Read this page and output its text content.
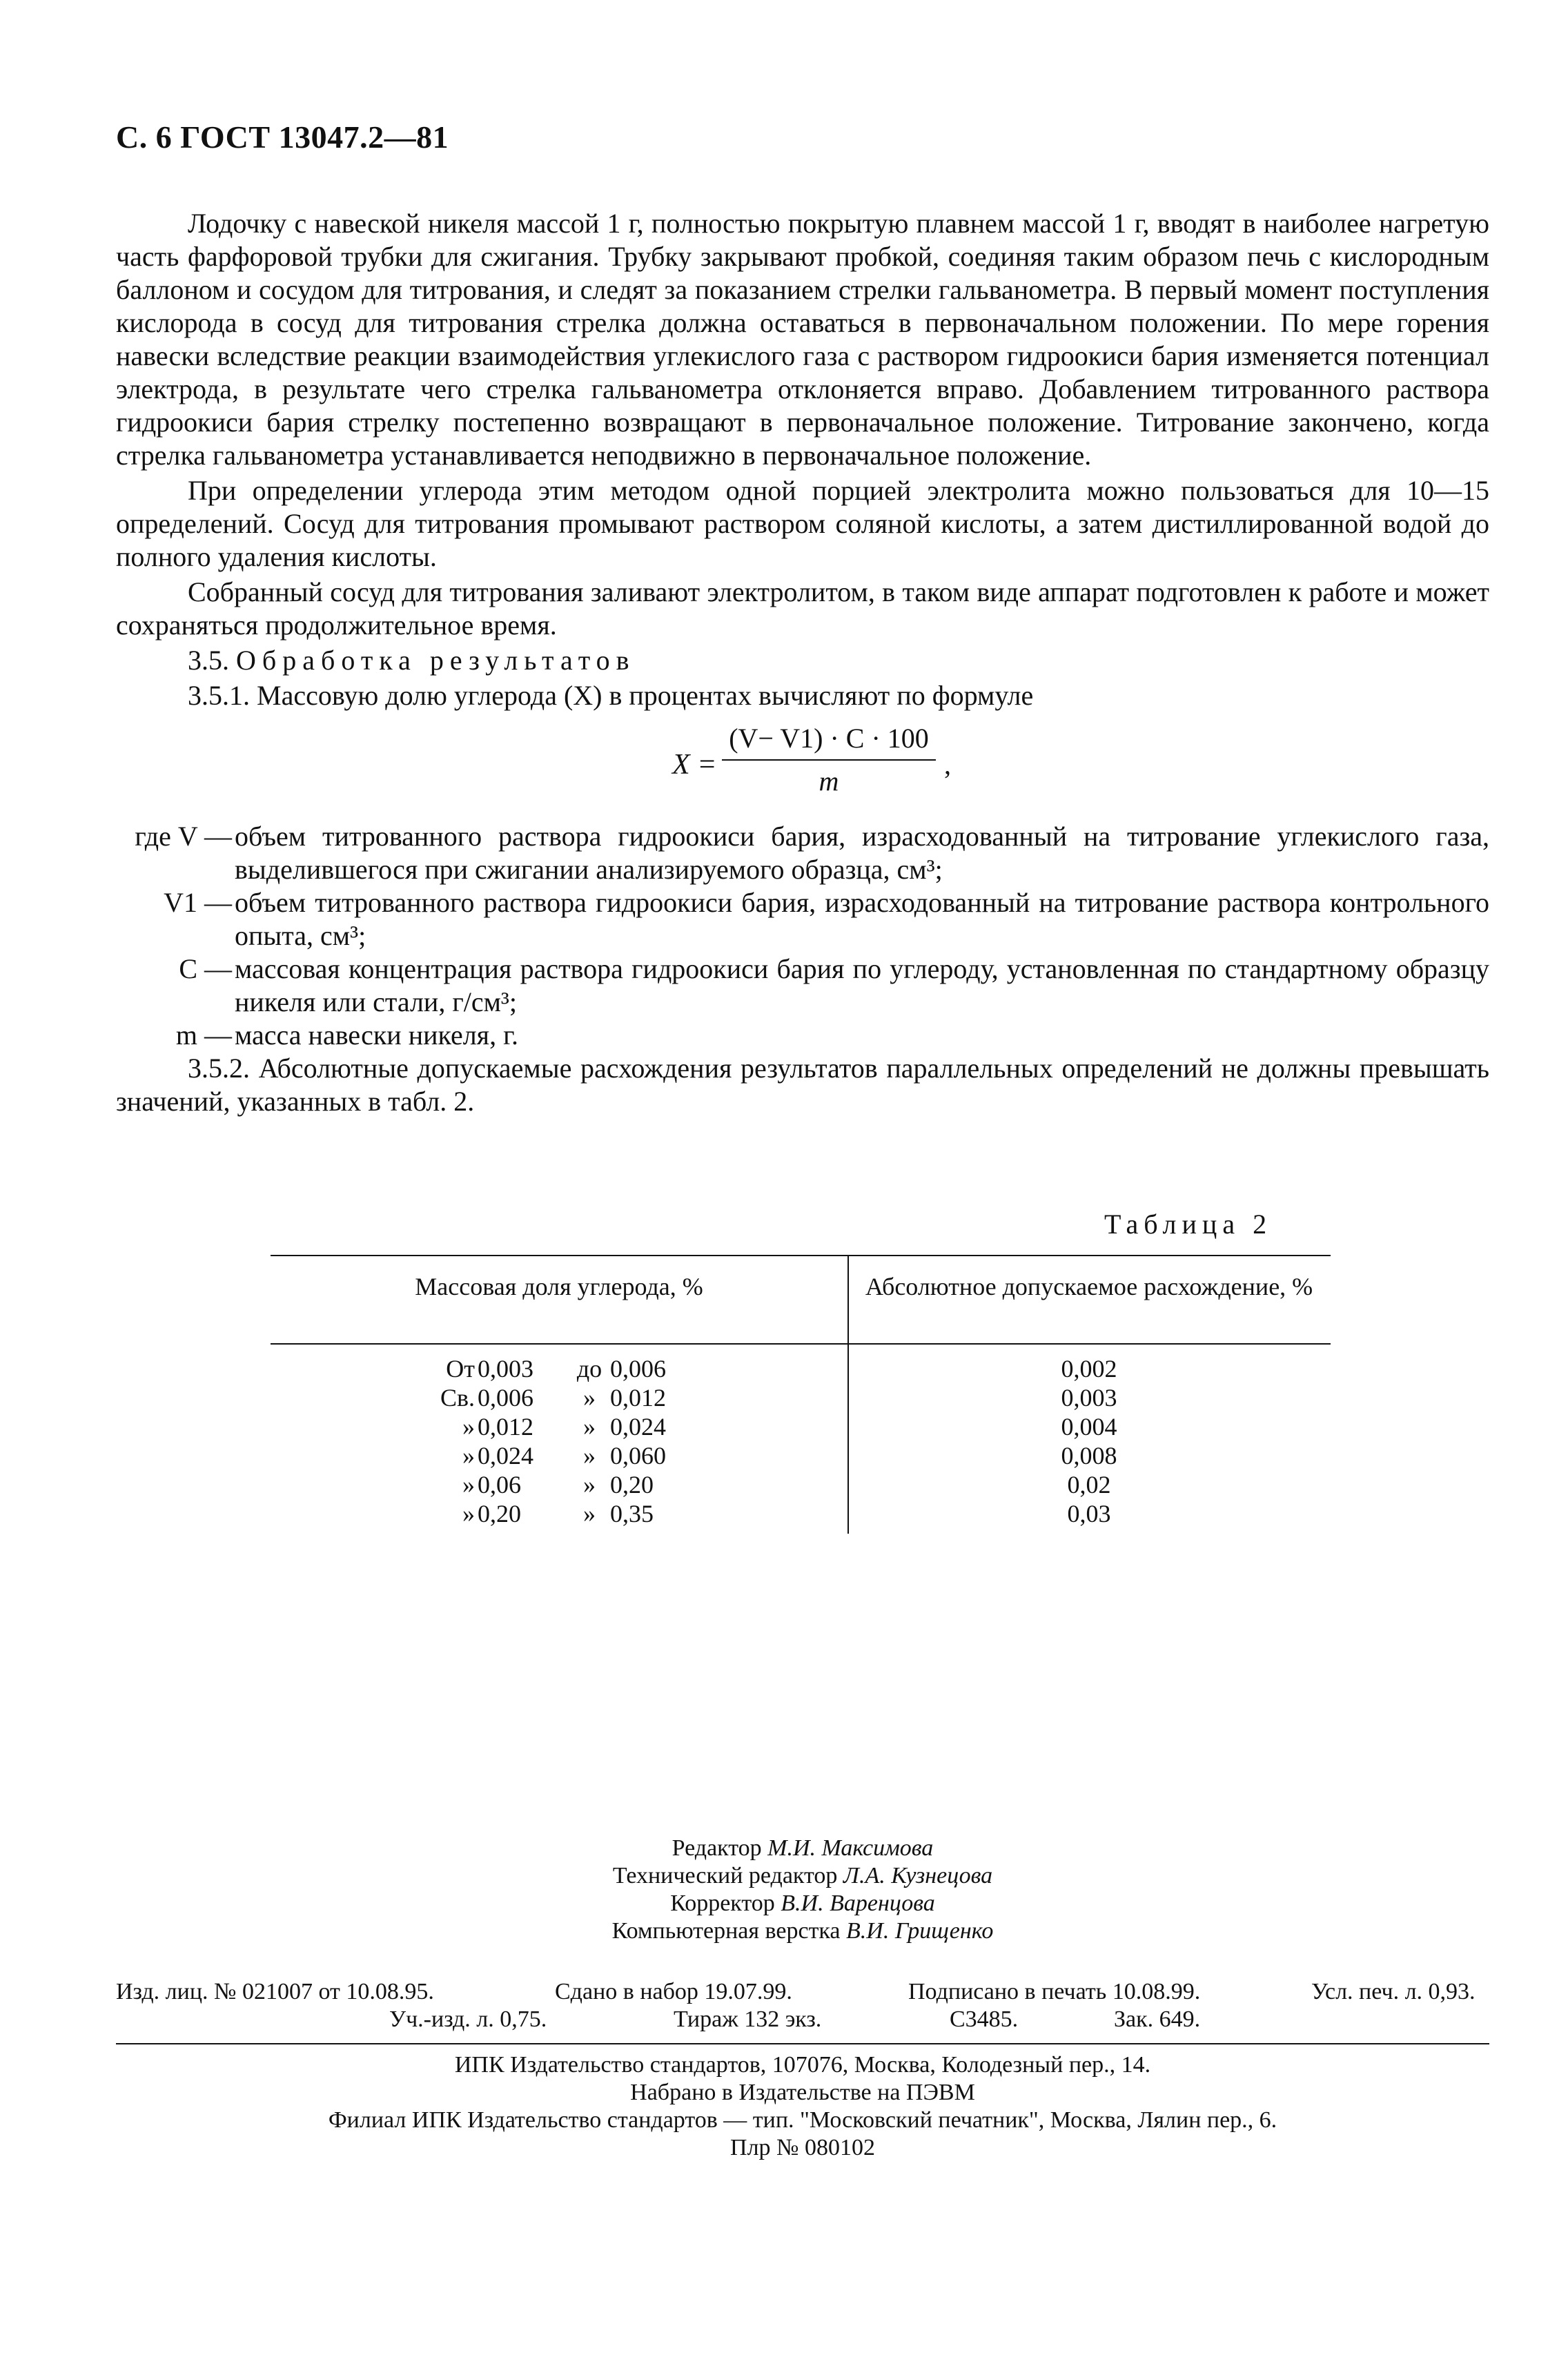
С. 6 ГОСТ 13047.2—81

Лодочку с навеской никеля массой 1 г, полностью покрытую плавнем массой 1 г, вводят в наиболее нагретую часть фарфоровой трубки для сжигания. Трубку закрывают пробкой, соединяя таким образом печь с кислородным баллоном и сосудом для титрования, и следят за показанием стрелки гальванометра. В первый момент поступления кислорода в сосуд для титрования стрелка должна оставаться в первоначальном положении. По мере горения навески вследствие реакции взаимодействия углекислого газа с раствором гидроокиси бария изменяется потенциал электрода, в результате чего стрелка гальванометра отклоняется вправо. Добавлением титрованного раствора гидроокиси бария стрелку постепенно возвращают в первоначальное положение. Титрование закончено, когда стрелка гальванометра устанавливается неподвижно в первоначальное положение.

При определении углерода этим методом одной порцией электролита можно пользоваться для 10—15 определений. Сосуд для титрования промывают раствором соляной кислоты, а затем дистиллированной водой до полного удаления кислоты.

Собранный сосуд для титрования заливают электролитом, в таком виде аппарат подготовлен к работе и может сохраняться продолжительное время.

3.5. Обработка результатов

3.5.1. Массовую долю углерода (X) в процентах вычисляют по формуле

X =
(V− V1) · C · 100
m
,
где V — объем титрованного раствора гидроокиси бария, израсходованный на титрование углекислого газа, выделившегося при сжигании анализируемого образца, см³;
V1 — объем титрованного раствора гидроокиси бария, израсходованный на титрование раствора контрольного опыта, см³;
C — массовая концентрация раствора гидроокиси бария по углероду, установленная по стандартному образцу никеля или стали, г/см³;
m — масса навески никеля, г.

3.5.2. Абсолютные допускаемые расхождения результатов параллельных определений не должны превышать значений, указанных в табл. 2.

Таблица 2
Массовая доля углерода, %	Абсолютное допускаемое расхождение, %
От 0,003	до 0,006	0,002
Св. 0,006	» 0,012	0,003
» 0,012	» 0,024	0,004
» 0,024	» 0,060	0,008
» 0,06	» 0,20	0,02
» 0,20	» 0,35	0,03
Редактор М.И. Максимова
Технический редактор Л.А. Кузнецова
Корректор В.И. Варенцова
Компьютерная верстка В.И. Грищенко
Изд. лиц. № 021007 от 10.08.95.	Сдано в набор 19.07.99.	Подписано в печать 10.08.99.	Усл. печ. л. 0,93.
Уч.-изд. л. 0,75.	Тираж 132 экз.	С3485.	Зак. 649.
ИПК Издательство стандартов, 107076, Москва, Колодезный пер., 14.
Набрано в Издательстве на ПЭВМ
Филиал ИПК Издательство стандартов — тип. "Московский печатник", Москва, Лялин пер., 6.
Плр № 080102
